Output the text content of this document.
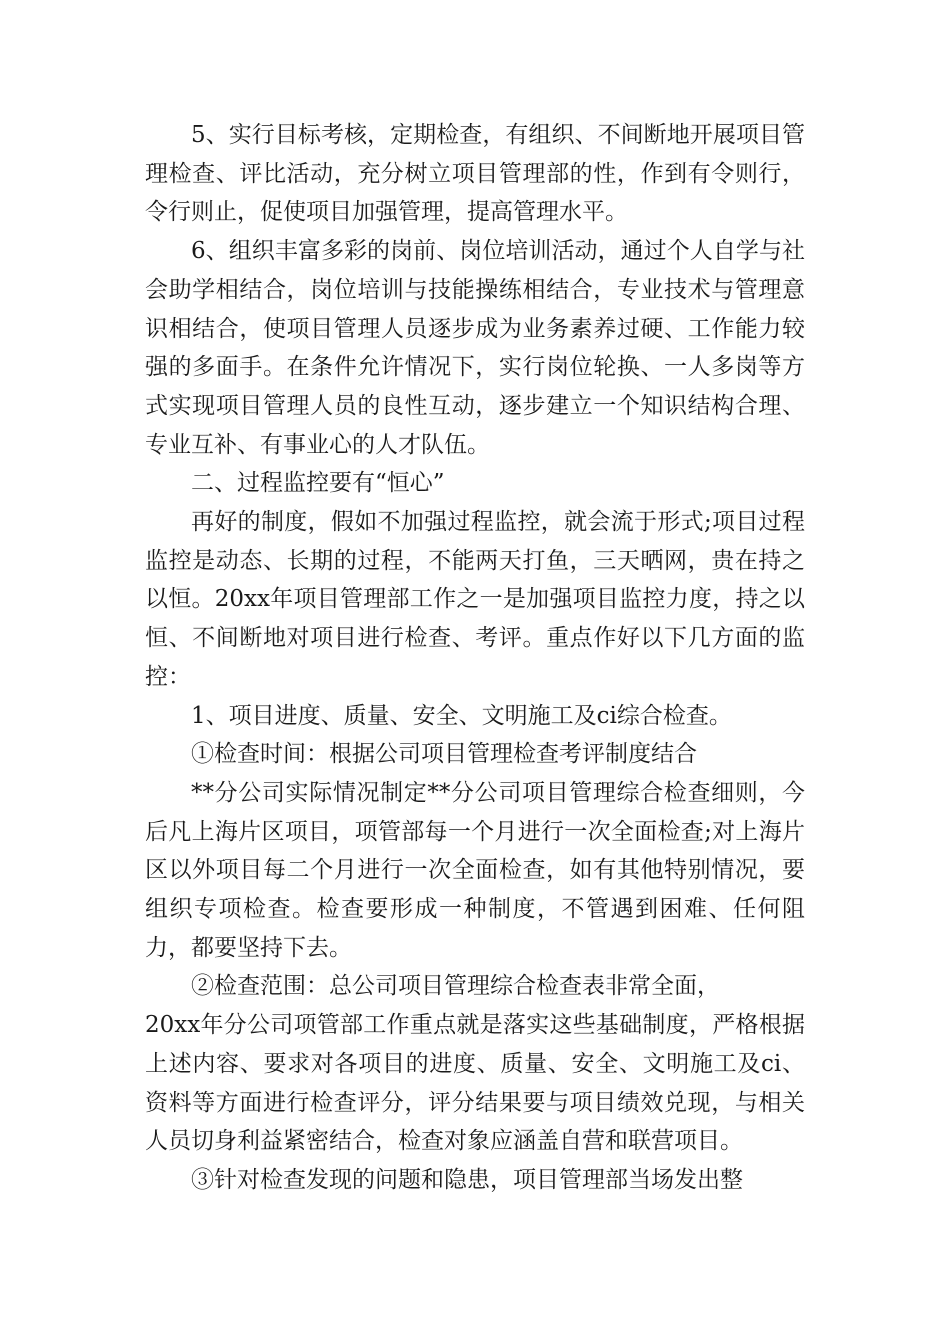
5、实行目标考核，定期检查，有组织、不间断地开展项目管理检查、评比活动，充分树立项目管理部的性，作到有令则行，令行则止，促使项目加强管理，提高管理水平。

6、组织丰富多彩的岗前、岗位培训活动，通过个人自学与社会助学相结合，岗位培训与技能操练相结合，专业技术与管理意识相结合，使项目管理人员逐步成为业务素养过硬、工作能力较强的多面手。在条件允许情况下，实行岗位轮换、一人多岗等方式实现项目管理人员的良性互动，逐步建立一个知识结构合理、专业互补、有事业心的人才队伍。

二、过程监控要有“恒心”

再好的制度，假如不加强过程监控，就会流于形式;项目过程监控是动态、长期的过程，不能两天打鱼，三天晒网，贵在持之以恒。20xx年项目管理部工作之一是加强项目监控力度，持之以恒、不间断地对项目进行检查、考评。重点作好以下几方面的监控：

1、项目进度、质量、安全、文明施工及ci综合检查。

①检查时间：根据公司项目管理检查考评制度结合

**分公司实际情况制定**分公司项目管理综合检查细则，今后凡上海片区项目，项管部每一个月进行一次全面检查;对上海片区以外项目每二个月进行一次全面检查，如有其他特别情况，要组织专项检查。检查要形成一种制度，不管遇到困难、任何阻力，都要坚持下去。

②检查范围：总公司项目管理综合检查表非常全面，

20xx年分公司项管部工作重点就是落实这些基础制度，严格根据上述内容、要求对各项目的进度、质量、安全、文明施工及ci、资料等方面进行检查评分，评分结果要与项目绩效兑现，与相关人员切身利益紧密结合，检查对象应涵盖自营和联营项目。

③针对检查发现的问题和隐患，项目管理部当场发出整
